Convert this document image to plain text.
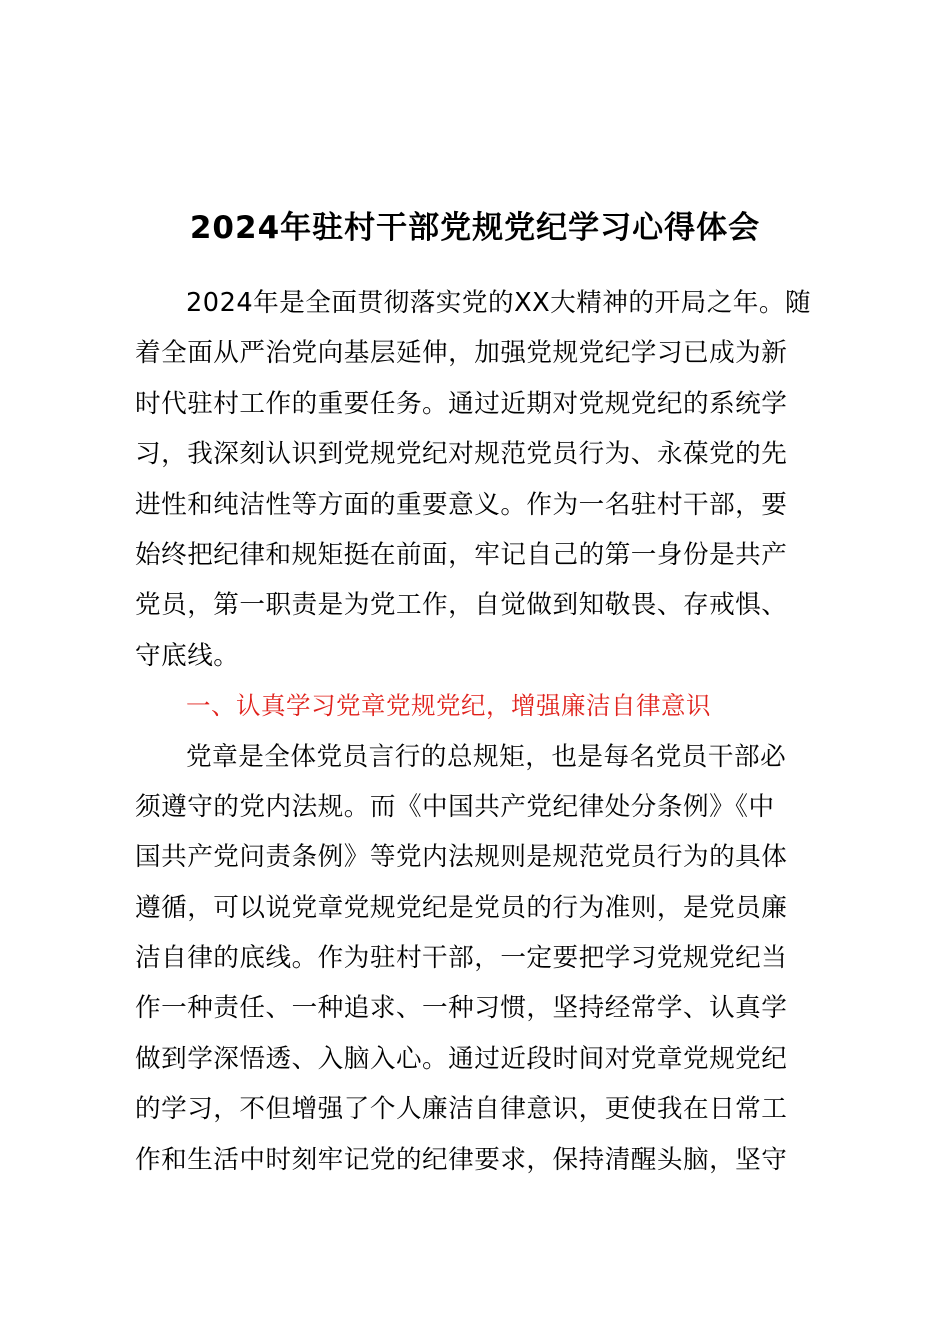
2024年驻村干部党规党纪学习心得体会
2024年是全面贯彻落实党的XX大精神的开局之年。随
着全面从严治党向基层延伸，加强党规党纪学习已成为新
时代驻村工作的重要任务。通过近期对党规党纪的系统学
习，我深刻认识到党规党纪对规范党员行为、永葆党的先
进性和纯洁性等方面的重要意义。作为一名驻村干部，要
始终把纪律和规矩挺在前面，牢记自己的第一身份是共产
党员，第一职责是为党工作，自觉做到知敬畏、存戒惧、
守底线。
一、认真学习党章党规党纪，增强廉洁自律意识
党章是全体党员言行的总规矩，也是每名党员干部必
须遵守的党内法规。而《中国共产党纪律处分条例》《中
国共产党问责条例》等党内法规则是规范党员行为的具体
遵循，可以说党章党规党纪是党员的行为准则，是党员廉
洁自律的底线。作为驻村干部，一定要把学习党规党纪当
作一种责任、一种追求、一种习惯，坚持经常学、认真学
做到学深悟透、入脑入心。通过近段时间对党章党规党纪
的学习，不但增强了个人廉洁自律意识，更使我在日常工
作和生活中时刻牢记党的纪律要求，保持清醒头脑，坚守
